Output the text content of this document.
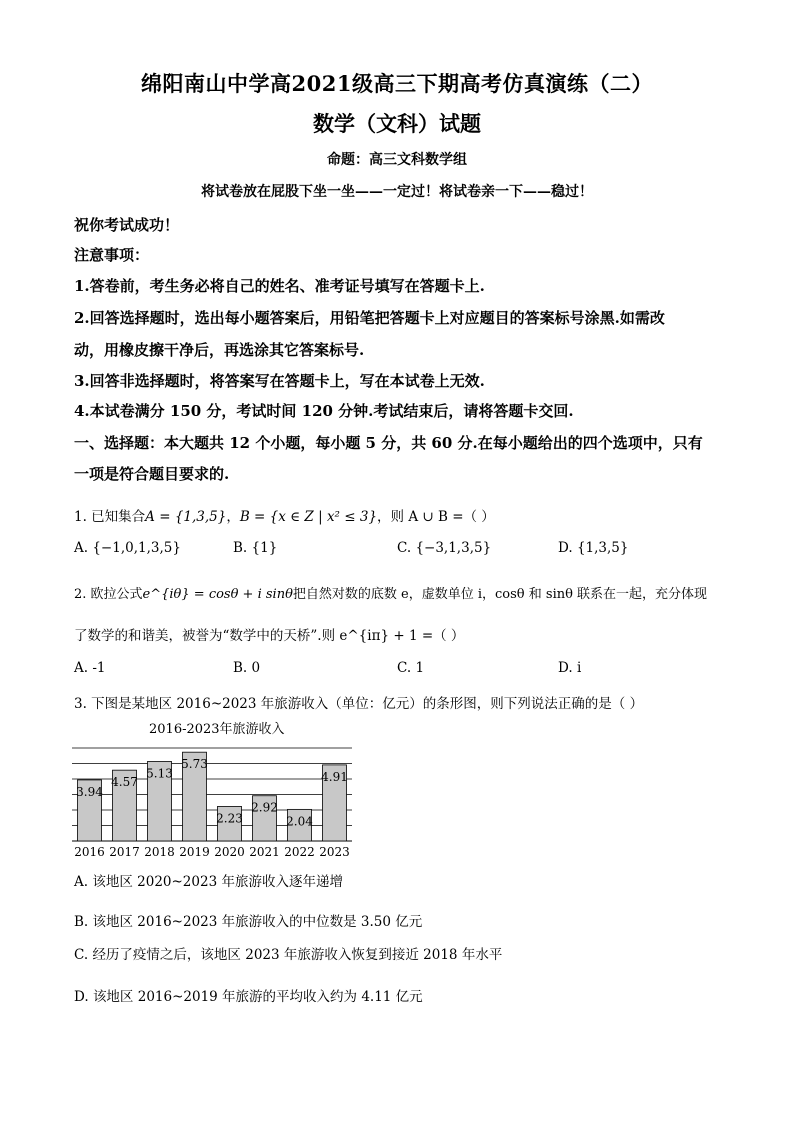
绵阳南山中学高2021级高三下期高考仿真演练（二）
数学（文科）试题
命题：高三文科数学组
将试卷放在屁股下坐一坐——一定过！将试卷亲一下——稳过！
祝你考试成功！
注意事项：
1.答卷前，考生务必将自己的姓名、准考证号填写在答题卡上.
2.回答选择题时，选出每小题答案后，用铅笔把答题卡上对应题目的答案标号涂黑.如需改
动，用橡皮擦干净后，再选涂其它答案标号.
3.回答非选择题时，将答案写在答题卡上，写在本试卷上无效.
4.本试卷满分 150 分，考试时间 120 分钟.考试结束后，请将答题卡交回.
一、选择题：本大题共 12 个小题，每小题 5 分，共 60 分.在每小题给出的四个选项中，只有
一项是符合题目要求的.
1. 已知集合A = {1,3,5}，B = {x ∈ Z | x² ≤ 3}，则 A ∪ B =（ ）
A. {−1,0,1,3,5}	B. {1}	C. {−3,1,3,5}	D. {1,3,5}
2. 欧拉公式e^{iθ} = cosθ + i sinθ把自然对数的底数 e，虚数单位 i，cosθ 和 sinθ 联系在一起，充分体现
了数学的和谐美，被誉为“数学中的天桥”.则 e^{iπ} + 1 =（ ）
A. -1	B. 0	C. 1	D. i
3. 下图是某地区 2016~2023 年旅游收入（单位：亿元）的条形图，则下列说法正确的是（ ）
2016-2023年旅游收入
3.94
2016
4.57
2017
5.13
2018
5.73
2019
2.23
2020
2.92
2021
2.04
2022
4.91
2023
A. 该地区 2020~2023 年旅游收入逐年递增
B. 该地区 2016~2023 年旅游收入的中位数是 3.50 亿元
C. 经历了疫情之后，该地区 2023 年旅游收入恢复到接近 2018 年水平
D. 该地区 2016~2019 年旅游的平均收入约为 4.11 亿元
